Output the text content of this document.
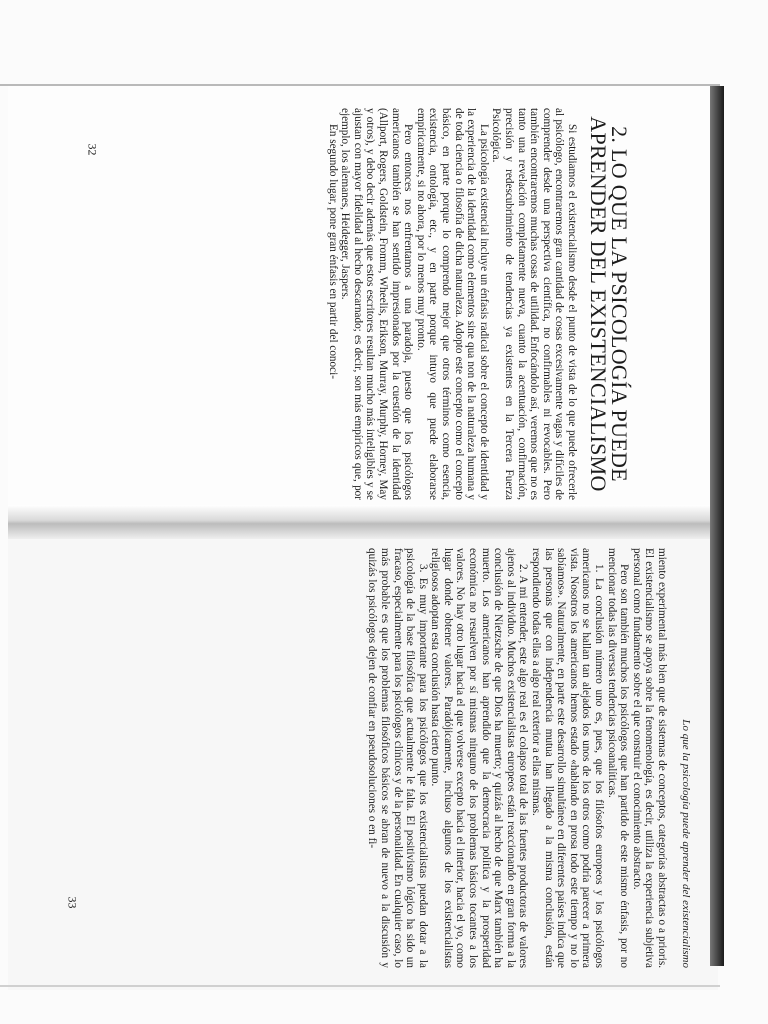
2. LO QUE LA PSICOLOGÍA PUEDE APRENDER DEL EXISTENCIALISMO

Si estudiamos el existencialismo desde el punto de vista de lo que puede ofrecerle al psicólogo, encontraremos gran cantidad de cosas excesivamente vagas y difíciles de comprender desde una perspectiva científica, no confirmables ni revocables. Pero también encontraremos muchas cosas de utilidad. Enfocándolo así, veremos que no es tanto una revelación completamente nueva, cuanto la acentuación, confirmación, precisión y redescubrimiento de tendencias ya existentes en la Tercera Fuerza Psicológica.

La psicología existencial incluye un énfasis radical sobre el concepto de identidad y la experiencia de la identidad como elementos sine qua non de la naturaleza humana y de toda ciencia o filosofía de dicha naturaleza. Adopto este concepto como el concepto básico, en parte porque lo comprendo mejor que otros términos como esencia, existencia, ontología, etc., y en parte porque intuyo que puede elaborarse empíricamente, si no ahora, por lo menos muy pronto.

Pero entonces nos enfrentamos a una paradoja, puesto que los psicólogos americanos también se han sentido impresionados por la cuestión de la identidad (Allport, Rogers, Goldstein, Fromm, Wheelis, Erikson, Murray, Murphy, Horney, May y otros), y debo decir además que estos escritores resultan mucho más inteligibles y se ajustan con mayor fidelidad al hecho descarnado; es decir, son más empíricos que, por ejemplo, los alemanes, Heidegger, Jaspers.

En segundo lugar, pone gran énfasis en partir del conoci-

Lo que la psicología puede aprender del existencialismo

miento experimental más bien que de sistemas de conceptos, categorías abstractas o a prioris. El existencialismo se apoya sobre la fenomenología, es decir, utiliza la experiencia subjetiva personal como fundamento sobre el que construir el conocimiento abstracto.

Pero son también muchos los psicólogos que han partido de este mismo énfasis, por no mencionar todas las diversas tendencias psicoanalíticas.

1. La conclusión número uno es, pues, que los filósofos europeos y los psicólogos americanos no se hallan tan alejados los unos de los otros como podría parecer a primera vista. Nosotros los americanos hemos estado «hablando en prosa todo este tiempo y no lo sabíamos». Naturalmente, en parte este desarrollo simultáneo en diferentes países indica que las personas que con independencia mutua han llegado a la misma conclusión, están respondiendo todas ellas a algo real exterior a ellas mismas.

2. A mi entender, este algo real es el colapso total de las fuentes productoras de valores ajenos al individuo. Muchos existencialistas europeos están reaccionando en gran forma a la conclusión de Nietzsche de que Dios ha muerto; y quizás al hecho de que Marx también ha muerto. Los americanos han aprendido que la democracia política y la prosperidad económica no resuelven por sí mismas ninguno de los problemas básicos tocantes a los valores. No hay otro lugar hacia el que volverse excepto hacia el interior, hacia el yo, como lugar donde obtener valores. Paradójicamente, incluso algunos de los existencialistas religiosos adoptan esta conclusión hasta cierto punto.

3. Es muy importante para los psicólogos que los existencialistas puedan dotar a la psicología de la base filosófica que actualmente le falta. El positivismo lógico ha sido un fracaso, especialmente para los psicólogos clínicos y de la personalidad. En cualquier caso, lo más probable es que los problemas filosóficos básicos se abran de nuevo a la discusión y quizás los psicólogos dejen de confiar en pseudosoluciones o en fi-

32
33
